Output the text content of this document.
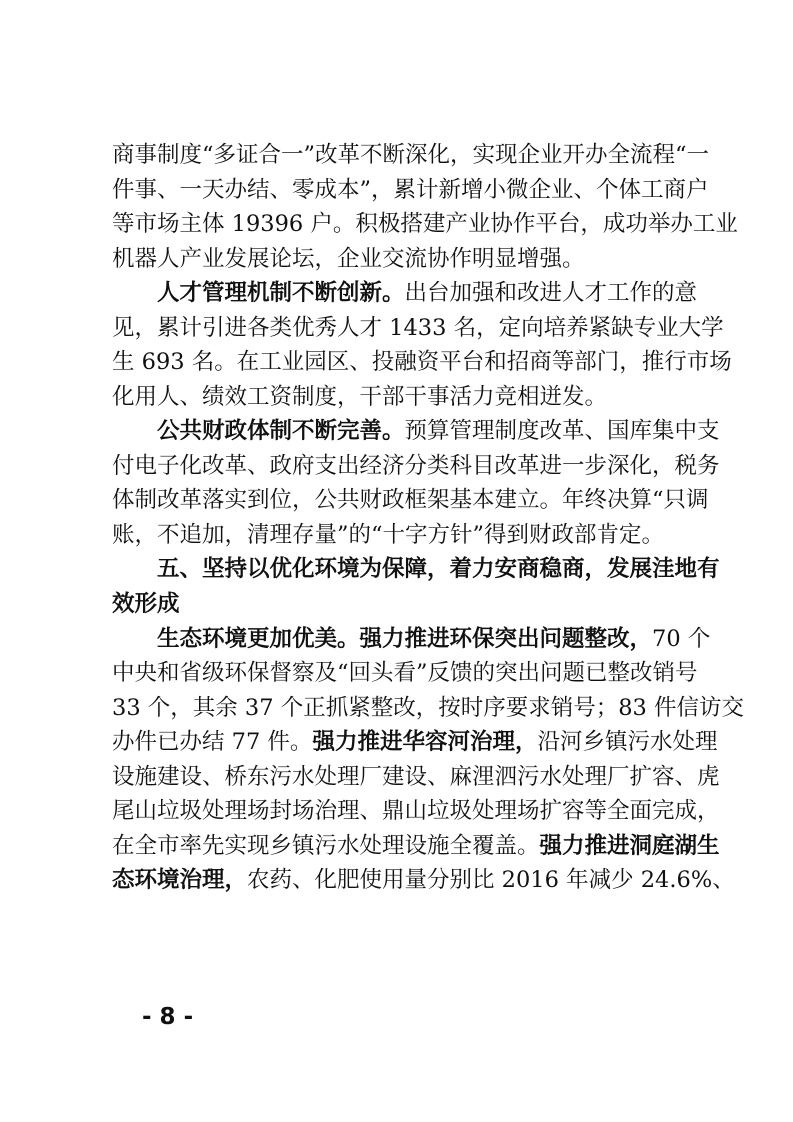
商事制度“多证合一”改革不断深化，实现企业开办全流程“一
件事、一天办结、零成本”，累计新增小微企业、个体工商户
等市场主体 19396 户。积极搭建产业协作平台，成功举办工业
机器人产业发展论坛，企业交流协作明显增强。
人才管理机制不断创新。出台加强和改进人才工作的意
见，累计引进各类优秀人才 1433 名，定向培养紧缺专业大学
生 693 名。在工业园区、投融资平台和招商等部门，推行市场
化用人、绩效工资制度，干部干事活力竞相迸发。
公共财政体制不断完善。预算管理制度改革、国库集中支
付电子化改革、政府支出经济分类科目改革进一步深化，税务
体制改革落实到位，公共财政框架基本建立。年终决算“只调
账，不追加，清理存量”的“十字方针”得到财政部肯定。
五、坚持以优化环境为保障，着力安商稳商，发展洼地有
效形成
生态环境更加优美。强力推进环保突出问题整改，70 个
中央和省级环保督察及“回头看”反馈的突出问题已整改销号
33 个，其余 37 个正抓紧整改，按时序要求销号；83 件信访交
办件已办结 77 件。强力推进华容河治理，沿河乡镇污水处理
设施建设、桥东污水处理厂建设、麻浬泗污水处理厂扩容、虎
尾山垃圾处理场封场治理、鼎山垃圾处理场扩容等全面完成，
在全市率先实现乡镇污水处理设施全覆盖。强力推进洞庭湖生
态环境治理，农药、化肥使用量分别比 2016 年减少 24.6%、
- 8 -
